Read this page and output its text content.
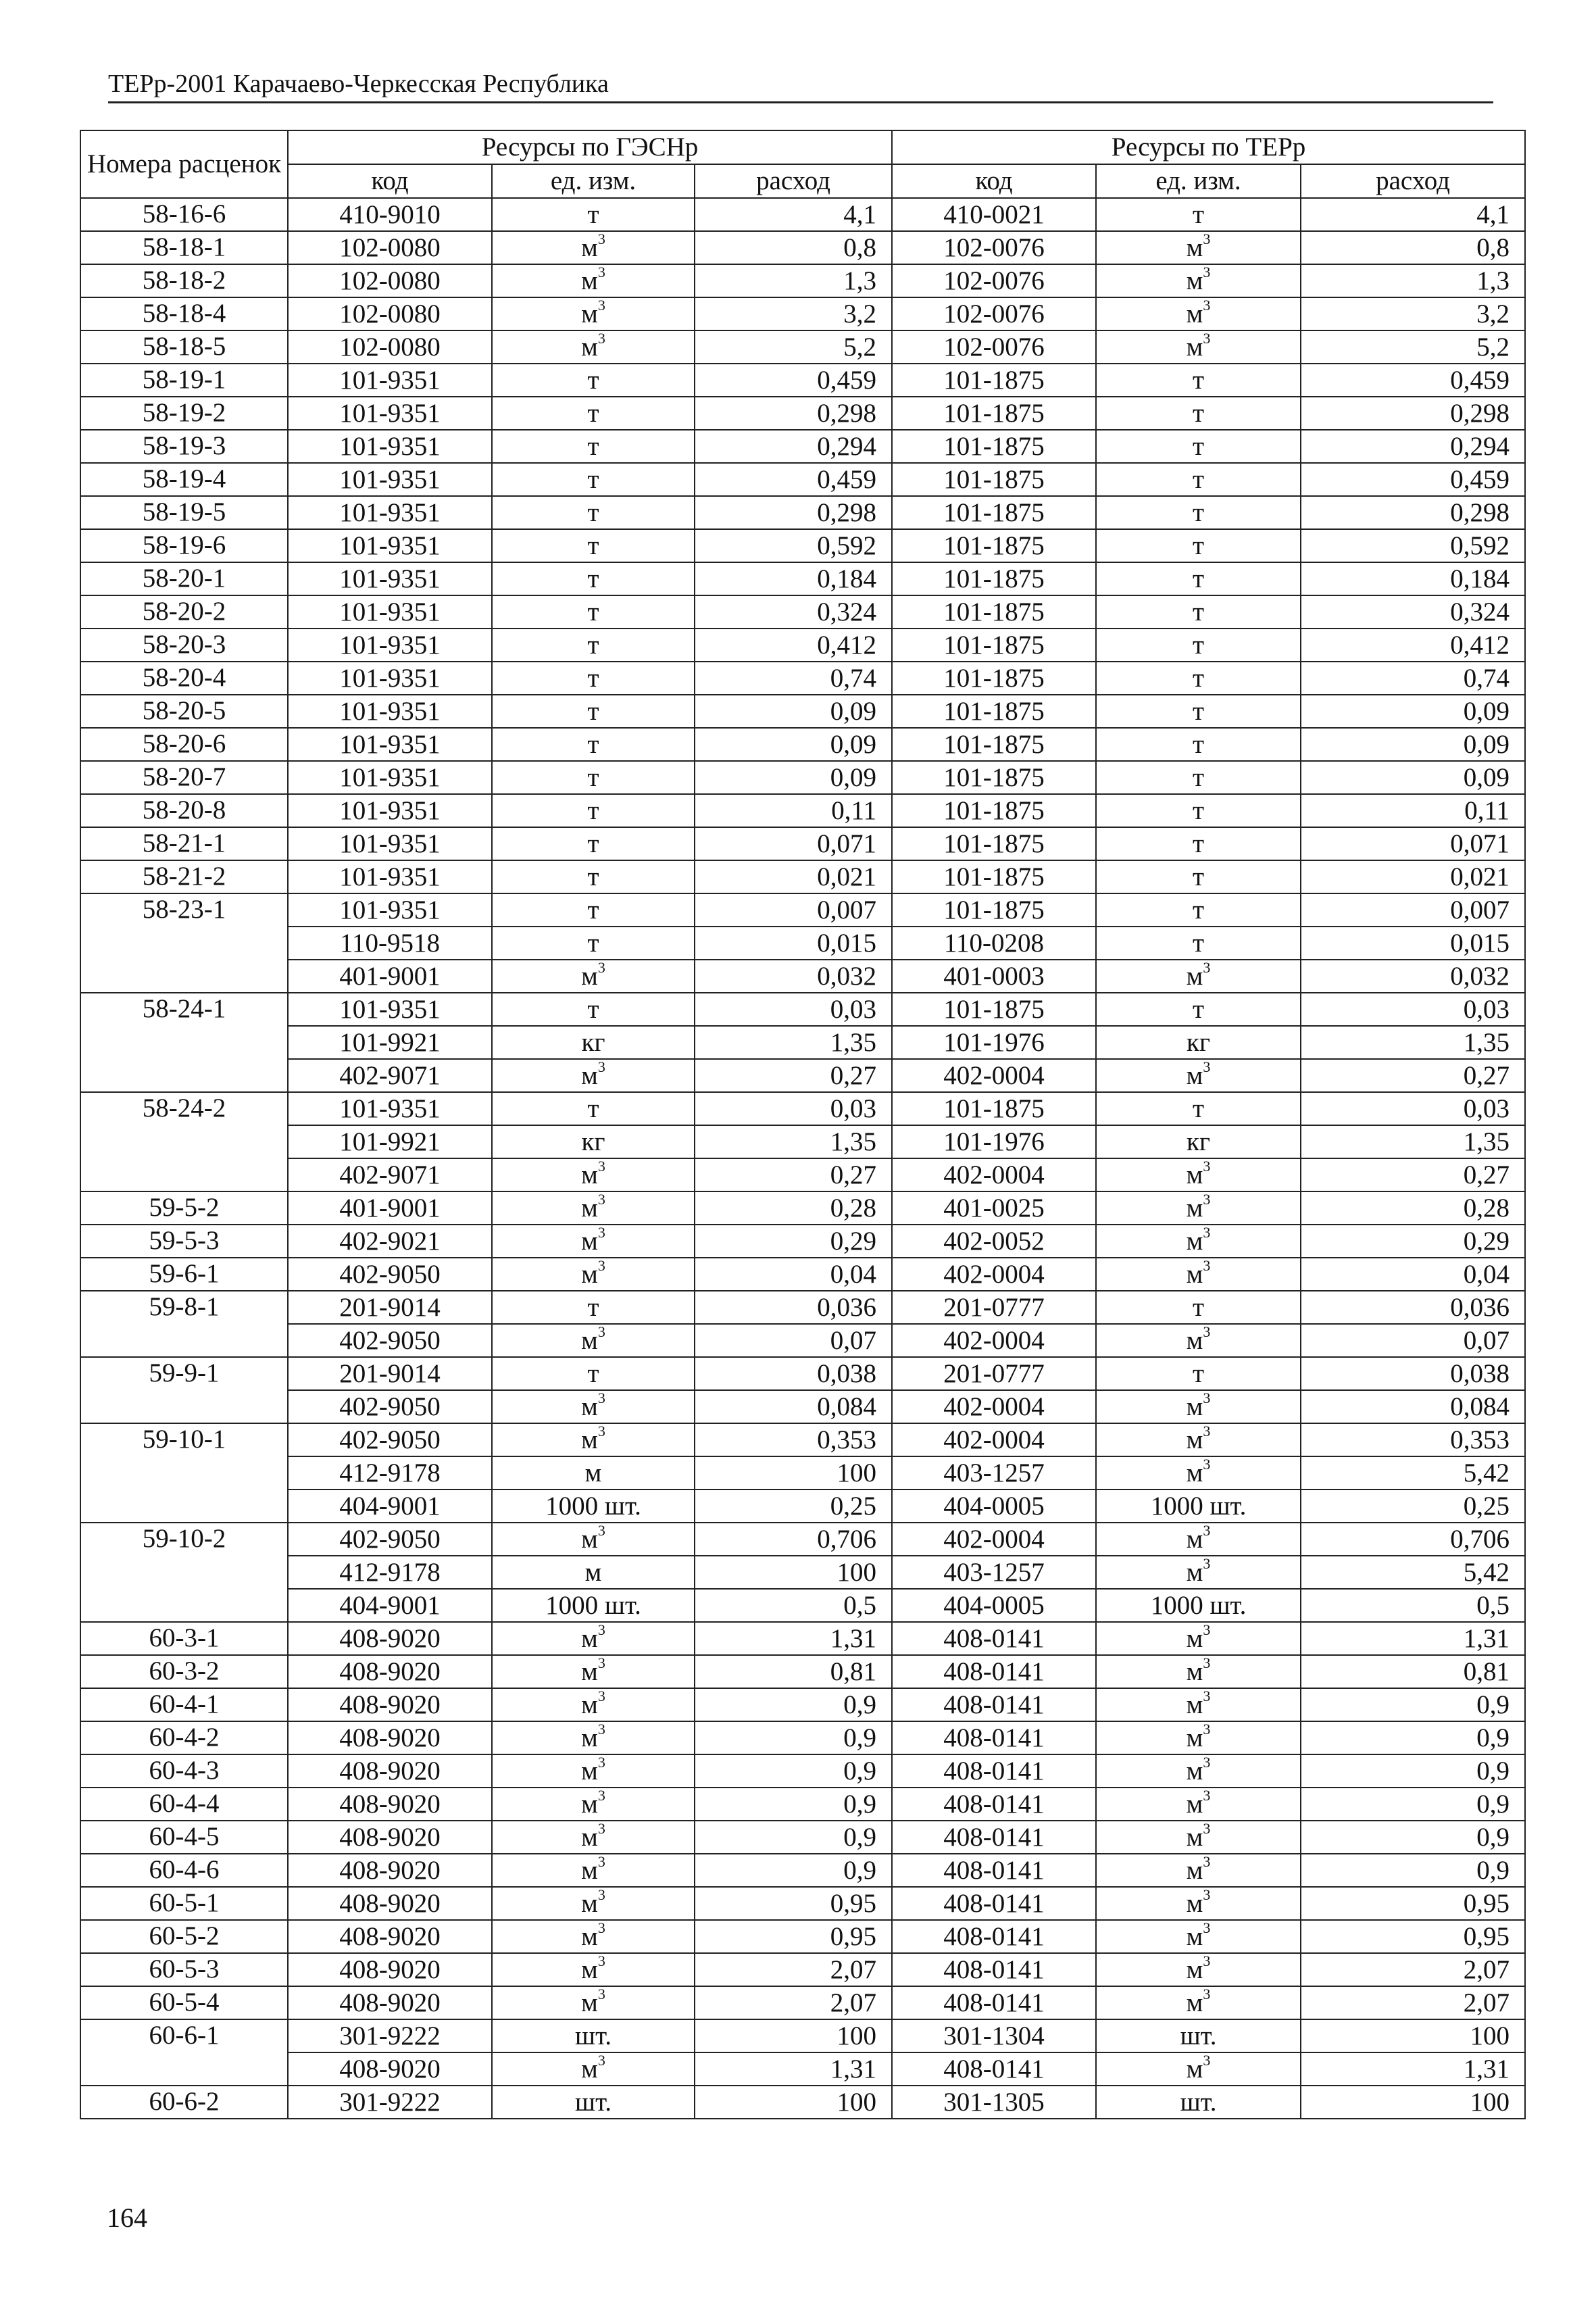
ТЕРр-2001 Карачаево-Черкесская Республика
Номера расценок	Ресурсы по ГЭСНр			Ресурсы по ТЕРр		
	код	ед. изм.	расход	код	ед. изм.	расход
58-16-6	410-9010	т	4,1	410-0021	т	4,1
58-18-1	102-0080	$м^3$	0,8	102-0076	$м^3$	0,8
58-18-2	102-0080	$м^3$	1,3	102-0076	$м^3$	1,3
58-18-4	102-0080	$м^3$	3,2	102-0076	$м^3$	3,2
58-18-5	102-0080	$м^3$	5,2	102-0076	$м^3$	5,2
58-19-1	101-9351	т	0,459	101-1875	т	0,459
58-19-2	101-9351	т	0,298	101-1875	т	0,298
58-19-3	101-9351	т	0,294	101-1875	т	0,294
58-19-4	101-9351	т	0,459	101-1875	т	0,459
58-19-5	101-9351	т	0,298	101-1875	т	0,298
58-19-6	101-9351	т	0,592	101-1875	т	0,592
58-20-1	101-9351	т	0,184	101-1875	т	0,184
58-20-2	101-9351	т	0,324	101-1875	т	0,324
58-20-3	101-9351	т	0,412	101-1875	т	0,412
58-20-4	101-9351	т	0,74	101-1875	т	0,74
58-20-5	101-9351	т	0,09	101-1875	т	0,09
58-20-6	101-9351	т	0,09	101-1875	т	0,09
58-20-7	101-9351	т	0,09	101-1875	т	0,09
58-20-8	101-9351	т	0,11	101-1875	т	0,11
58-21-1	101-9351	т	0,071	101-1875	т	0,071
58-21-2	101-9351	т	0,021	101-1875	т	0,021
58-23-1	101-9351	т	0,007	101-1875	т	0,007
	110-9518	т	0,015	110-0208	т	0,015
	401-9001	$м^3$	0,032	401-0003	$м^3$	0,032
58-24-1	101-9351	т	0,03	101-1875	т	0,03
	101-9921	кг	1,35	101-1976	кг	1,35
	402-9071	$м^3$	0,27	402-0004	$м^3$	0,27
58-24-2	101-9351	т	0,03	101-1875	т	0,03
	101-9921	кг	1,35	101-1976	кг	1,35
	402-9071	$м^3$	0,27	402-0004	$м^3$	0,27
59-5-2	401-9001	$м^3$	0,28	401-0025	$м^3$	0,28
59-5-3	402-9021	$м^3$	0,29	402-0052	$м^3$	0,29
59-6-1	402-9050	$м^3$	0,04	402-0004	$м^3$	0,04
59-8-1	201-9014	т	0,036	201-0777	т	0,036
	402-9050	$м^3$	0,07	402-0004	$м^3$	0,07
59-9-1	201-9014	т	0,038	201-0777	т	0,038
	402-9050	$м^3$	0,084	402-0004	$м^3$	0,084
59-10-1	402-9050	$м^3$	0,353	402-0004	$м^3$	0,353
	412-9178	м	100	403-1257	$м^3$	5,42
	404-9001	1000 шт.	0,25	404-0005	1000 шт.	0,25
59-10-2	402-9050	$м^3$	0,706	402-0004	$м^3$	0,706
	412-9178	м	100	403-1257	$м^3$	5,42
	404-9001	1000 шт.	0,5	404-0005	1000 шт.	0,5
60-3-1	408-9020	$м^3$	1,31	408-0141	$м^3$	1,31
60-3-2	408-9020	$м^3$	0,81	408-0141	$м^3$	0,81
60-4-1	408-9020	$м^3$	0,9	408-0141	$м^3$	0,9
60-4-2	408-9020	$м^3$	0,9	408-0141	$м^3$	0,9
60-4-3	408-9020	$м^3$	0,9	408-0141	$м^3$	0,9
60-4-4	408-9020	$м^3$	0,9	408-0141	$м^3$	0,9
60-4-5	408-9020	$м^3$	0,9	408-0141	$м^3$	0,9
60-4-6	408-9020	$м^3$	0,9	408-0141	$м^3$	0,9
60-5-1	408-9020	$м^3$	0,95	408-0141	$м^3$	0,95
60-5-2	408-9020	$м^3$	0,95	408-0141	$м^3$	0,95
60-5-3	408-9020	$м^3$	2,07	408-0141	$м^3$	2,07
60-5-4	408-9020	$м^3$	2,07	408-0141	$м^3$	2,07
60-6-1	301-9222	шт.	100	301-1304	шт.	100
	408-9020	$м^3$	1,31	408-0141	$м^3$	1,31
60-6-2	301-9222	шт.	100	301-1305	шт.	100
164
